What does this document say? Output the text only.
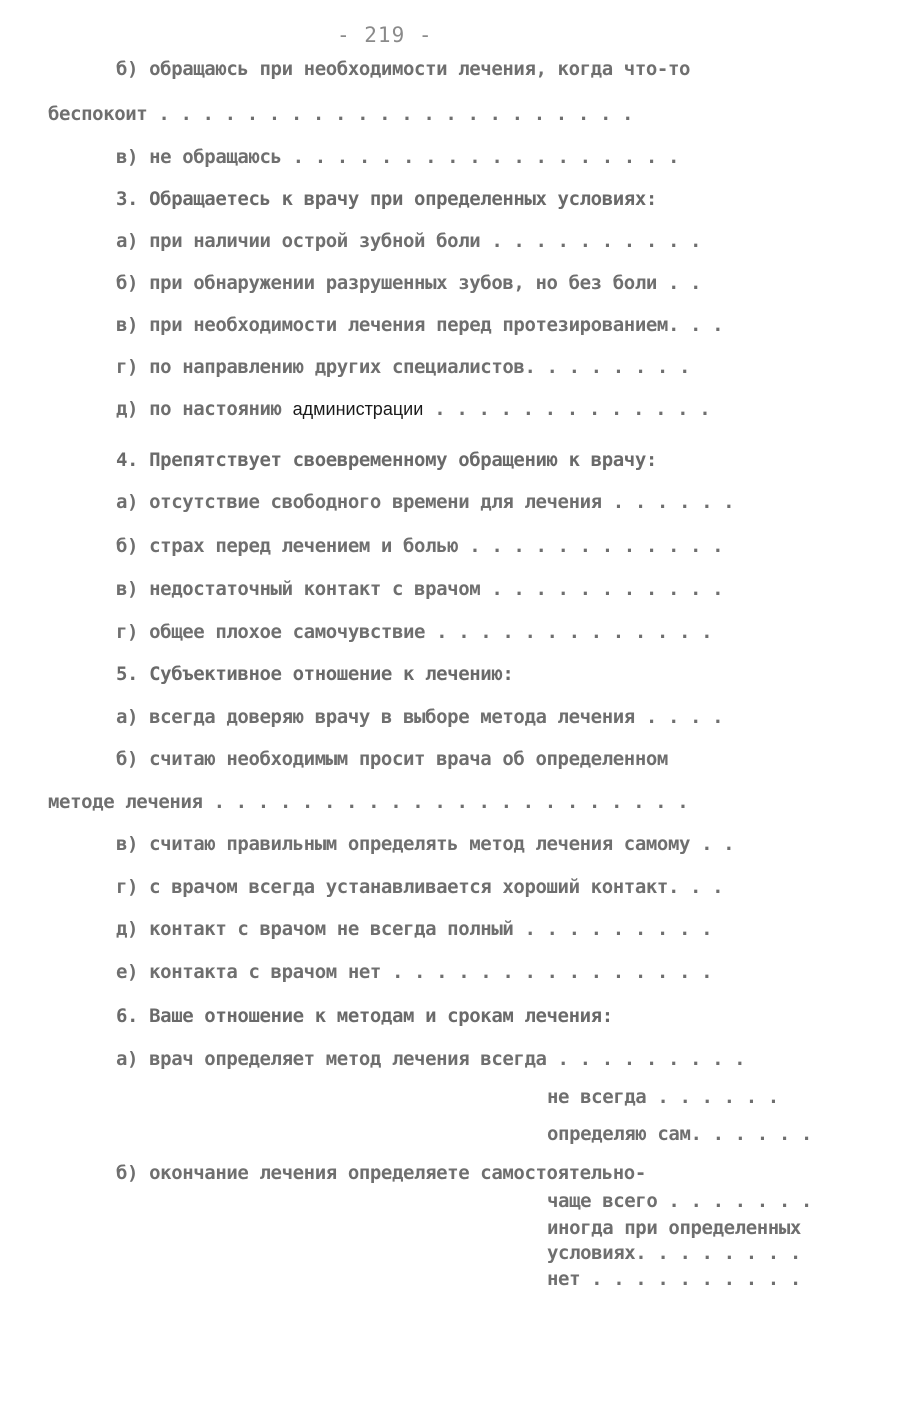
- 219 -

б) обращаюсь при необходимости лечения, когда что-то

беспокоит . . . . . . . . . . . . . . . . . . . . . .

в) не обращаюсь . . . . . . . . . . . . . . . . . .

3. Обращаетесь к врачу при определенных условиях:

а) при наличии острой зубной боли . . . . . . . . . .

б) при обнаружении разрушенных зубов, но без боли . .

в) при необходимости лечения перед протезированием. . .

г) по направлению других специалистов. . . . . . . .

д) по настоянию администрации . . . . . . . . . . . . .

4. Препятствует своевременному обращению к врачу:

а) отсутствие свободного времени для лечения . . . . . .

б) страх перед лечением и болью . . . . . . . . . . . .

в) недостаточный контакт с врачом . . . . . . . . . . .

г) общее плохое самочувствие . . . . . . . . . . . . .

5. Субъективное отношение к лечению:

а) всегда доверяю врачу в выборе метода лечения . . . .

б) считаю необходимым просит врача об определенном

методе лечения . . . . . . . . . . . . . . . . . . . . . .

в) считаю правильным определять метод лечения самому . .

г) с врачом всегда устанавливается хороший контакт. . .

д) контакт с врачом не всегда полный . . . . . . . . .

е) контакта с врачом нет . . . . . . . . . . . . . . .

6. Ваше отношение к методам и срокам лечения:

а) врач определяет метод лечения всегда . . . . . . . . .

не всегда . . . . . .

определяю сам. . . . . .

б) окончание лечения определяете самостоятельно-

чаще всего . . . . . . .

иногда при определенных

условиях. . . . . . . .

нет . . . . . . . . . .
